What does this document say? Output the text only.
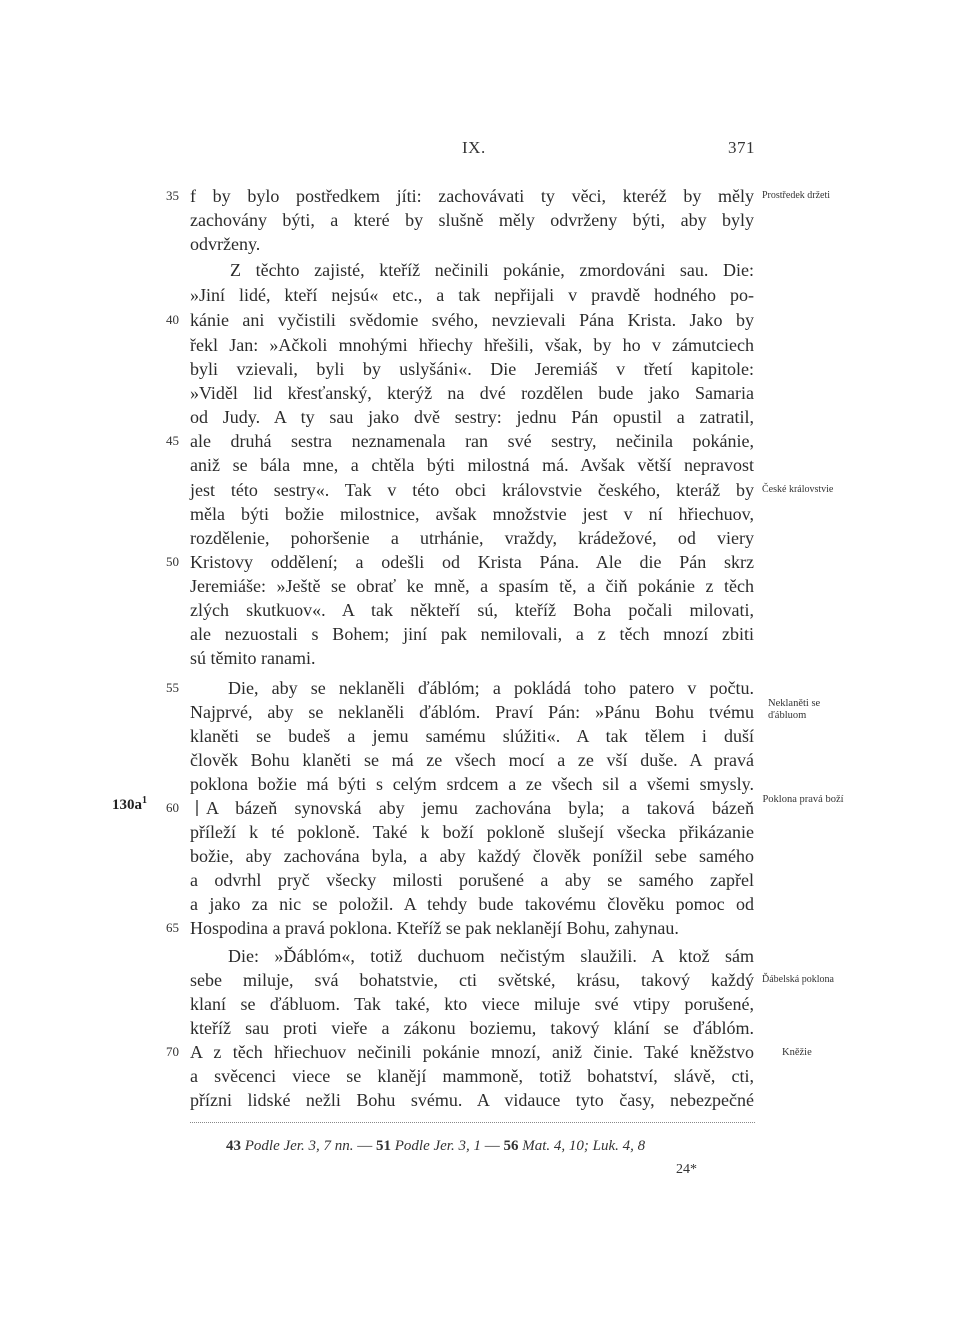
IX.	371
f by bylo postředkem jíti: zachovávati ty věci, kteréž by měly
zachovány býti, a které by slušně měly odvrženy býti, aby byly
odvrženy.
Z těchto zajisté, kteříž nečinili pokánie, zmordováni sau. Die:
»Jiní lidé, kteří nejsú« etc., a tak nepřijali v pravdě hodného po-
kánie ani vyčistili svědomie svého, nevzievali Pána Krista. Jako by
řekl Jan: »Ačkoli mnohými hřiechy hřešili, však, by ho v zámutciech
byli vzievali, byli by uslyšáni«. Die Jeremiáš v třetí kapitole:
»Viděl lid křesťanský, kterýž na dvé rozdělen bude jako Samaria
od Judy. A ty sau jako dvě sestry: jednu Pán opustil a zatratil,
ale druhá sestra neznamenala ran své sestry, nečinila pokánie,
aniž se bála mne, a chtěla býti milostná má. Avšak větší nepravost
jest této sestry«. Tak v této obci královstvie českého, kteráž by
měla býti božie milostnice, avšak množstvie jest v ní hřiechuov,
rozdělenie, pohoršenie a utrhánie, vraždy, krádežové, od viery
Kristovy oddělení; a odešli od Krista Pána. Ale die Pán skrz
Jeremiáše: »Ještě se obrať ke mně, a spasím tě, a čiň pokánie z těch
zlých skutkuov«. A tak někteří sú, kteříž Boha počali milovati,
ale nezuostali s Bohem; jiní pak nemilovali, a z těch mnozí zbiti
sú těmito ranami.
Die, aby se neklaněli ďáblóm; a pokládá toho patero v počtu.
Najprvé, aby se neklaněli ďáblóm. Praví Pán: »Pánu Bohu tvému
klaněti se budeš a jemu samému slúžiti«. A tak tělem i duší
člověk Bohu klaněti se má ze všech mocí a ze vší duše. A pravá
poklona božie má býti s celým srdcem a ze všech sil a všemi smysly.
A bázeň synovská aby jemu zachována byla; a taková bázeň
příleží k té pokloně. Také k boží pokloně slušejí všecka přikázanie
božie, aby zachována byla, a aby každý člověk ponížil sebe samého
a odvrhl pryč všecky milosti porušené a aby se samého zapřel
a jako za nic se položil. A tehdy bude takovému člověku pomoc od
Hospodina a pravá poklona. Kteříž se pak neklanějí Bohu, zahynau.
Die: »Ďáblóm«, totiž duchuom nečistým slaužili. A ktož sám
sebe miluje, svá bohatstvie, cti světské, krásu, takový každý
klaní se ďábluom. Tak také, kto viece miluje své vtipy porušené,
kteříž sau proti vieře a zákonu boziemu, takový klání se ďáblóm.
A z těch hřiechuov nečinili pokánie mnozí, aniž činie. Také kněžstvo
a svěcenci viece se klanějí mammoně, totiž bohatství, slávě, cti,
přízni lidské nežli Bohu svému. A vidauce tyto časy, nebezpečné
35
40
45
50
55
60
65
70
$130a^1$
Prostředek držeti
České královstvie
Neklaněti se ďábluom
Poklona pravá boží
Ďábelská poklona
Kněžie
43 Podle Jer. 3, 7 nn. — 51 Podle Jer. 3, 1 — 56 Mat. 4, 10; Luk. 4, 8
24*
